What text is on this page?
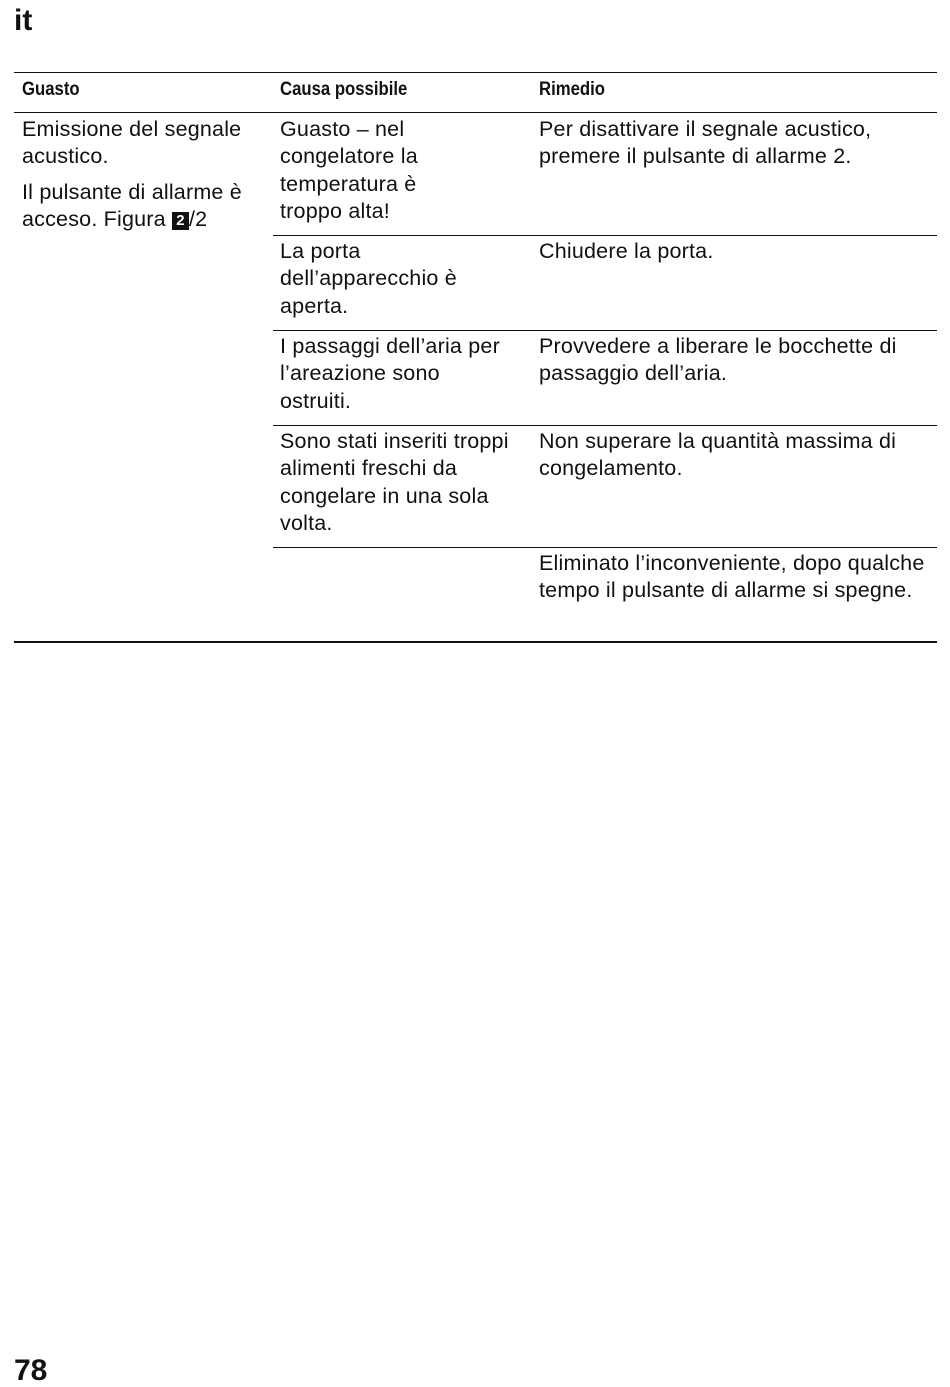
it
Guasto	Causa possibile	Rimedio

Emissione del segnale acustico.

Il pulsante di allarme è acceso. Figura 2 /2

Guasto – nel congelatore la temperatura è troppo alta!
Per disattivare il segnale acustico, premere il pulsante di allarme 2.
La porta dell’apparecchio è aperta.
Chiudere la porta.
I passaggi dell’aria per l’areazione sono ostruiti.
Provvedere a liberare le bocchette di passaggio dell’aria.
Sono stati inseriti troppi alimenti freschi da congelare in una sola volta.
Non superare la quantità massima di congelamento.
Eliminato l’inconveniente, dopo qualche tempo il pulsante di allarme si spegne.
78
